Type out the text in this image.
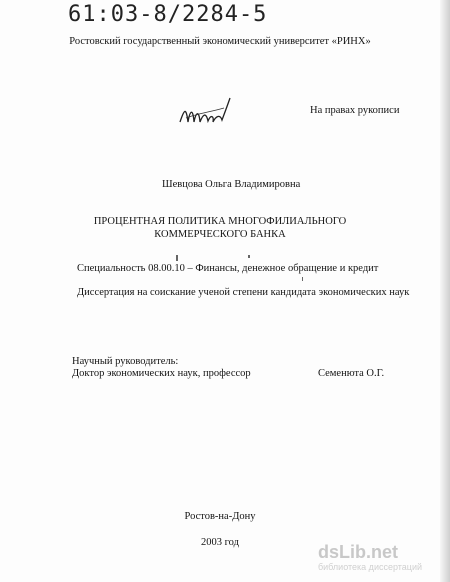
61:03-8/2284-5
Ростовский государственный экономический университет «РИНХ»
На правах рукописи
Шевцова Ольга Владимировна
ПРОЦЕНТНАЯ ПОЛИТИКА МНОГОФИЛИАЛЬНОГО
КОММЕРЧЕСКОГО БАНКА
Специальность 08.00.10 – Финансы, денежное обращение и кредит
Диссертация на соискание ученой степени кандидата экономических наук
Научный руководитель:
Доктор экономических наук, профессор	Семенюта О.Г.
Ростов-на-Дону
2003 год	dsLib.net
библиотека диссертаций
